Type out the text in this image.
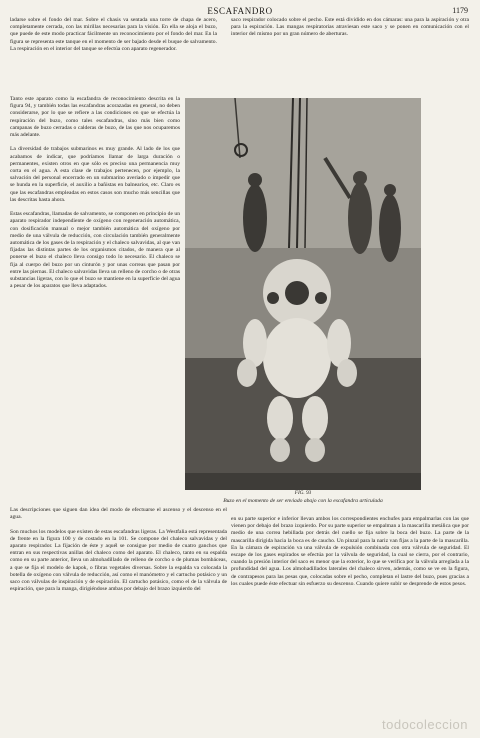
ESCAFANDRO	1179

ladarse sobre el fondo del mar. Sobre el chasis va sentada una torre de chapa de acero, completamente cerrada, con las mirillas necesarias para la visión. En ella se aloja el buzo, que puede de este modo practicar fácilmente un reconocimiento por el fondo del mar. En la figura se representa este tanque en el momento de ser bajado desde el buque de salvamento. La respiración en el interior del tanque se efectúa con aparato regenerador.

saco respirador colocado sobre el pecho. Este está dividido en dos cámaras: una para la aspiración y otra para la espiración. Las mangas respiratorias atraviesan este saco y se ponen en comunicación con el interior del mismo por un gran número de aberturas.

Tanto este aparato como la escafandra de reconocimiento descrita en la figura 94, y también todas las escafandras acorazadas en general, no deben considerarse, por lo que se refiere a las condiciones en que se efectúa la respiración del buzo, como tales escafandras, sino más bien como campanas de buzo cerradas o calderas de buzo, de las que nos ocuparemos más adelante.

La diversidad de trabajos submarinos es muy grande. Al lado de los que acabamos de indicar, que podríamos llamar de larga duración o permanentes, existen otros en que sólo es preciso una permanencia muy corta en el agua. A esta clase de trabajos pertenecen, por ejemplo, la salvación del personal encerrado en un submarino averiado o impedir que se hunda en la superficie, el auxilio a bañistas en balnearios, etc. Claro es que las escafandras empleadas en estos casos son mucho más sencillas que las descritas hasta ahora.

Estas escafandras, llamadas de salvamento, se componen en principio de un aparato respirador independiente de oxígeno con regeneración automática, con dosificación manual o mejor también automática del oxígeno por medio de una válvula de reducción, con circulación también generalmente automática de los gases de la respiración y el chaleco salvavidas, al que van fijadas las distintas partes de los organismos citados, de manera que al ponerse el buzo el chaleco lleva consigo todo lo necesario. El chaleco se fija al cuerpo del buzo por un cinturón y por unas correas que pasan por entre las piernas. El chaleco salvavidas lleva un relleno de corcho o de otras substancias ligeras, con lo que el buzo se mantiene en la superficie del agua a pesar de los aparatos que lleva adaptados.

FIG. 93
Buzo en el momento de ser enviado abajo con la escafandra articulada

Las descripciones que siguen dan idea del modo de efectuarse el ascenso y el descenso en el agua.

Son muchos los modelos que existen de estas escafandras ligeras. La Westfalia está representada de frente en la figura 100 y de costado en la 101. Se compone del chaleco salvavidas y del aparato respirador. La fijación de éste y aquél se consigue por medio de cuatro ganchos que entran en sus respectivas anillas del chaleco como del aparato. El chaleco, tanto en su espalda como en su parte anterior, lleva un almohadillado de relleno de corcho o de plumas bombáceas, a que se fija el modelo de kapok, o fibras vegetales diversas. Sobre la espalda va colocada la botella de oxígeno con válvula de reducción, así como el manómetro y el cartucho potásico y un saco con válvulas de inspiración y de espiración. El cartucho potásico, como el de la válvula de espiración, que para la manga, dirigiéndose ambas por debajo del brazo izquierdo del

en su parte superior e inferior llevan ambos los correspondientes enchufes para empalmarlas con las que vienen por debajo del brazo izquierdo. Por su parte superior se empalman a la mascarilla metálica que por medio de una correa hebillada por detrás del cuello se fija sobre la boca del buzo. La parte de la mascarilla dirigida hacia la boca es de caucho. Un pinzal para la nariz van fijas a la parte de la mascarilla. En la cámara de espiración va una válvula de expulsión combinada con otra válvula de seguridad. El escape de los gases espirados se efectúa por la válvula de seguridad, la cual se cierra, por el contrario, cuando la presión interior del saco es menor que la exterior, lo que se verifica por la válvula arreglada a la profundidad del agua. Los almohadillados laterales del chaleco sirven, además, como se ve en la figura, de contrapesos para las pesas que, colocadas sobre el pecho, completan el lastre del buzo, pues gracias a los cuales puede éste efectuar sin esfuerzo su descenso. Cuando quiere subir se desprende de estos pesos.

todocoleccion
